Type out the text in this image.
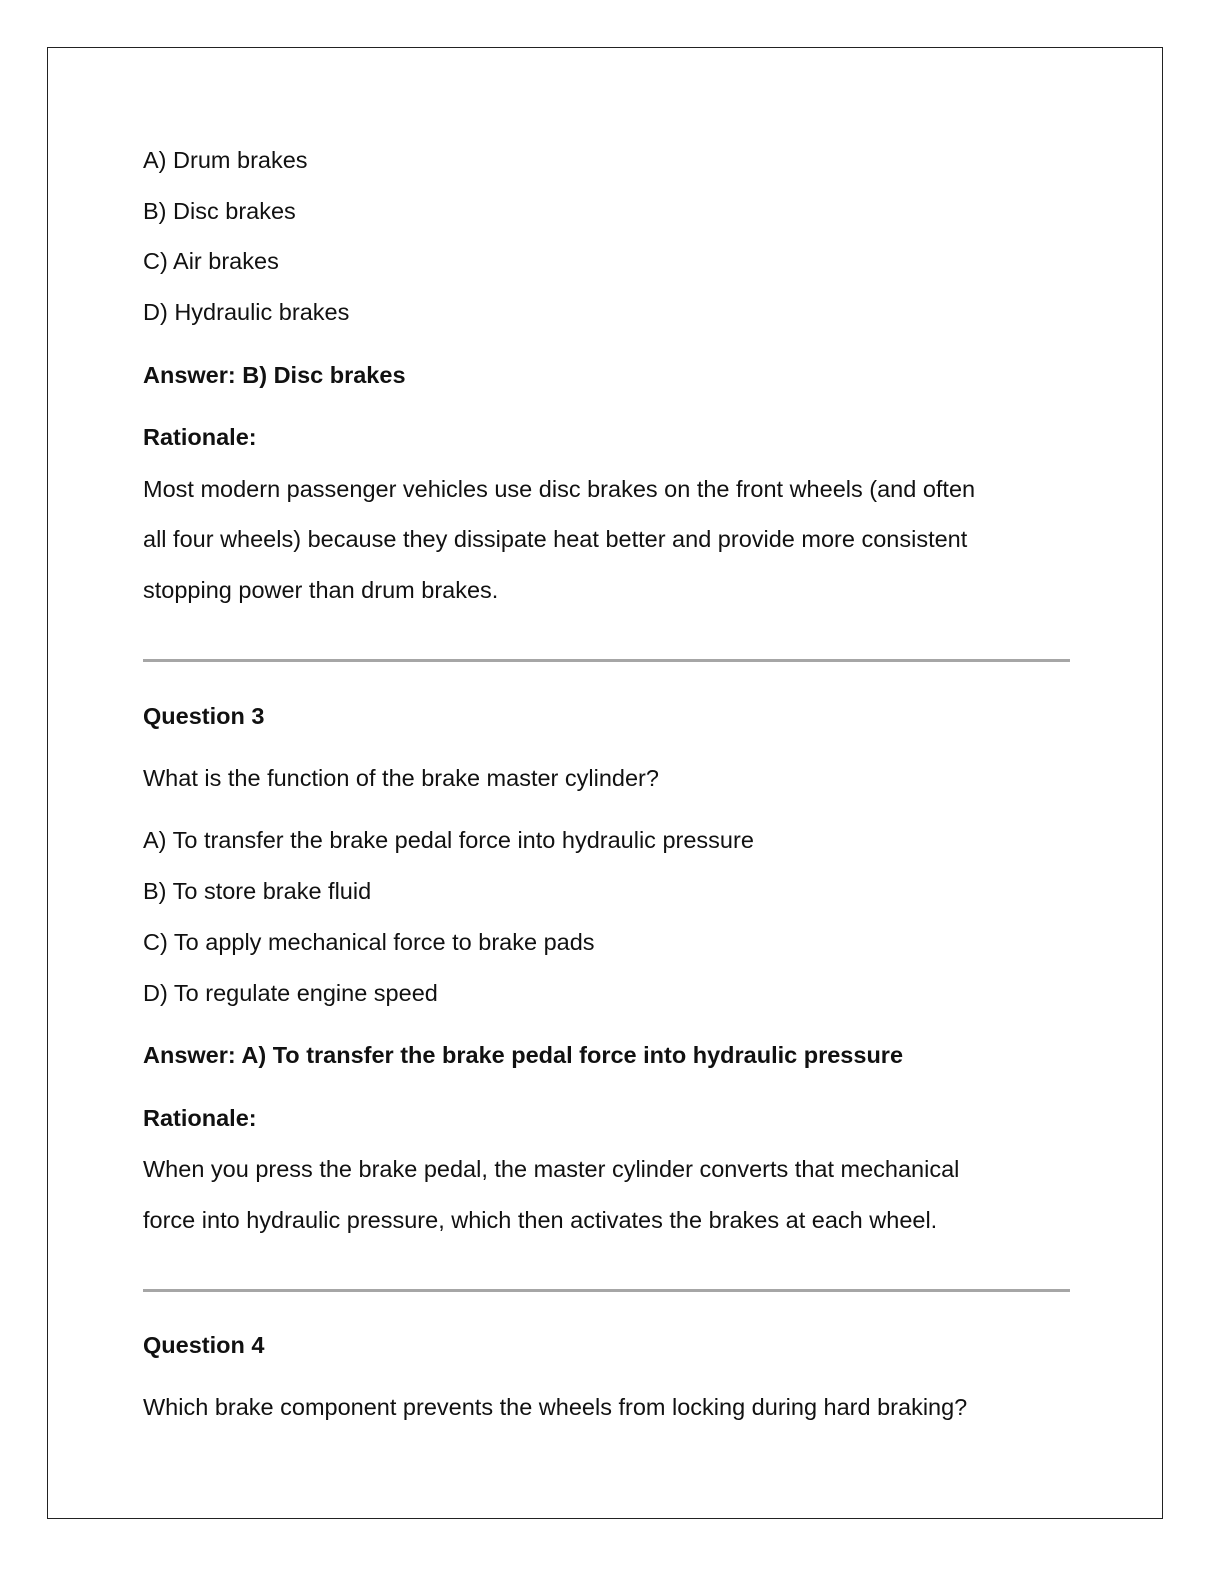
A) Drum brakes
B) Disc brakes
C) Air brakes
D) Hydraulic brakes
Answer: B) Disc brakes
Rationale:
Most modern passenger vehicles use disc brakes on the front wheels (and often
all four wheels) because they dissipate heat better and provide more consistent
stopping power than drum brakes.
Question 3
What is the function of the brake master cylinder?
A) To transfer the brake pedal force into hydraulic pressure
B) To store brake fluid
C) To apply mechanical force to brake pads
D) To regulate engine speed
Answer: A) To transfer the brake pedal force into hydraulic pressure
Rationale:
When you press the brake pedal, the master cylinder converts that mechanical
force into hydraulic pressure, which then activates the brakes at each wheel.
Question 4
Which brake component prevents the wheels from locking during hard braking?
